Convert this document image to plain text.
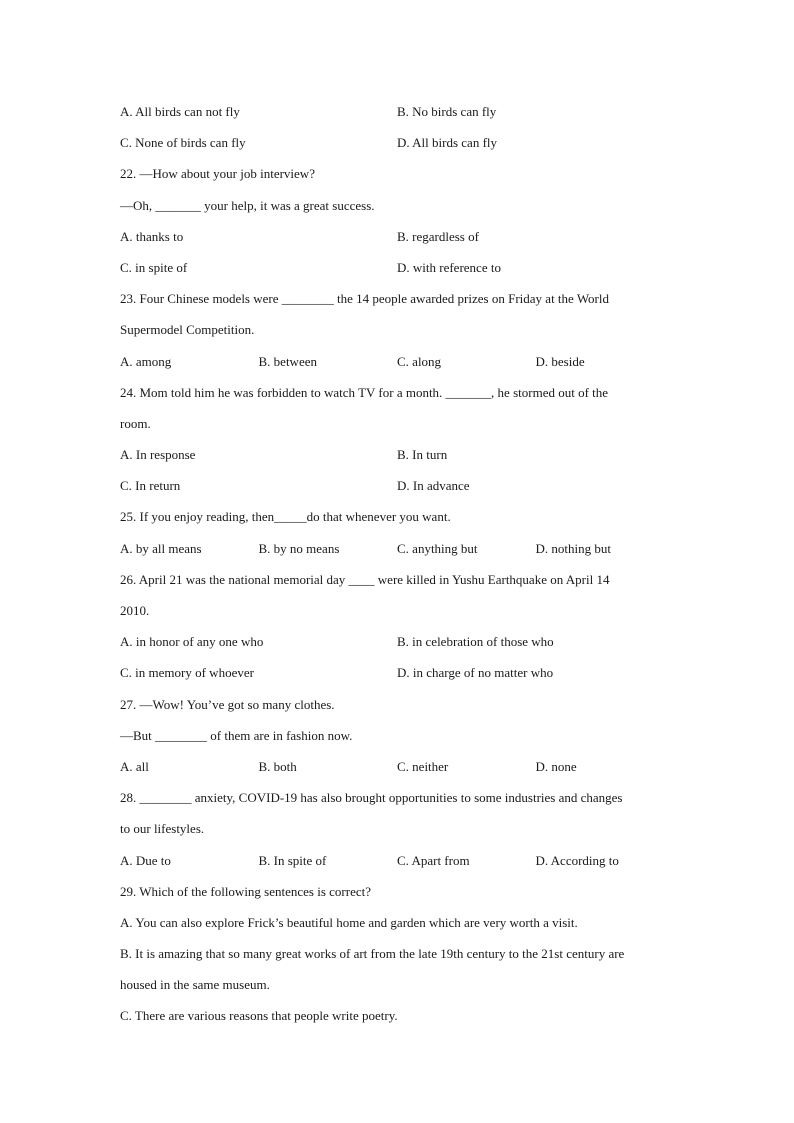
A. All birds can not fly	B. No birds can fly
C. None of birds can fly	D. All birds can fly
22. —How about your job interview?
—Oh, _______ your help, it was a great success.
A. thanks to	B. regardless of
C. in spite of	D. with reference to
23. Four Chinese models were ________ the 14 people awarded prizes on Friday at the World
Supermodel Competition.
A. among	B. between	C. along	D. beside
24. Mom told him he was forbidden to watch TV for a month. _______, he stormed out of the
room.
A. In response	B. In turn
C. In return	D. In advance
25. If you enjoy reading, then_____do that whenever you want.
A. by all means	B. by no means	C. anything but	D. nothing but
26. April 21 was the national memorial day ____ were killed in Yushu Earthquake on April 14
2010.
A. in honor of any one who	B. in celebration of those who
C. in memory of whoever	D. in charge of no matter who
27. —Wow! You’ve got so many clothes.
—But ________ of them are in fashion now.
A. all	B. both	C. neither	D. none
28. ________ anxiety, COVID-19 has also brought opportunities to some industries and changes
to our lifestyles.
A. Due to	B. In spite of	C. Apart from	D. According to
29. Which of the following sentences is correct?
A. You can also explore Frick’s beautiful home and garden which are very worth a visit.
B. It is amazing that so many great works of art from the late 19th century to the 21st century are
housed in the same museum.
C. There are various reasons that people write poetry.
